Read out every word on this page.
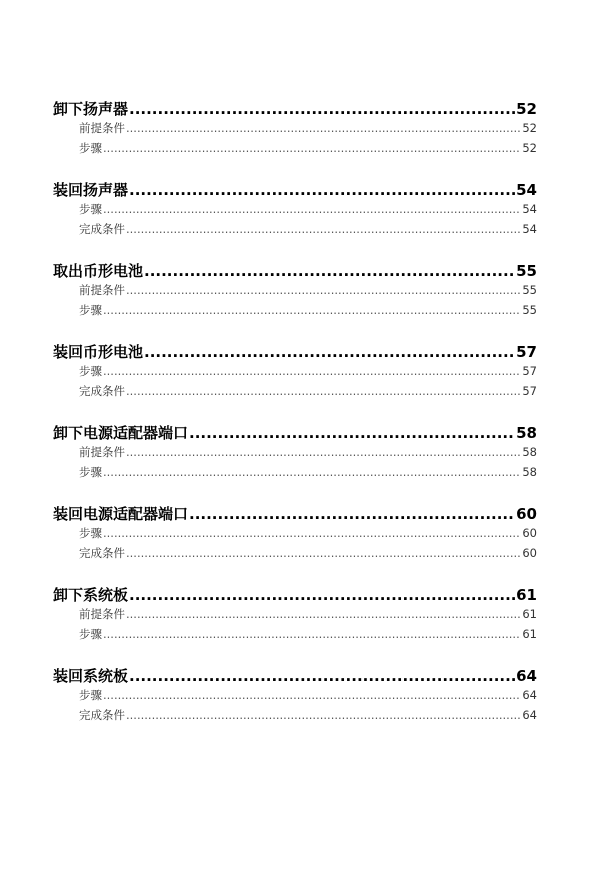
卸下扬声器 .....	52
前提条件 .....	52
步骤 .....	52
装回扬声器 .....	54
步骤 .....	54
完成条件 .....	54
取出币形电池 .....	55
前提条件 .....	55
步骤 .....	55
装回币形电池 .....	57
步骤 .....	57
完成条件 .....	57
卸下电源适配器端口 .....	58
前提条件 .....	58
步骤 .....	58
装回电源适配器端口 .....	60
步骤 .....	60
完成条件 .....	60
卸下系统板 .....	61
前提条件 .....	61
步骤 .....	61
装回系统板 .....	64
步骤 .....	64
完成条件 .....	64
